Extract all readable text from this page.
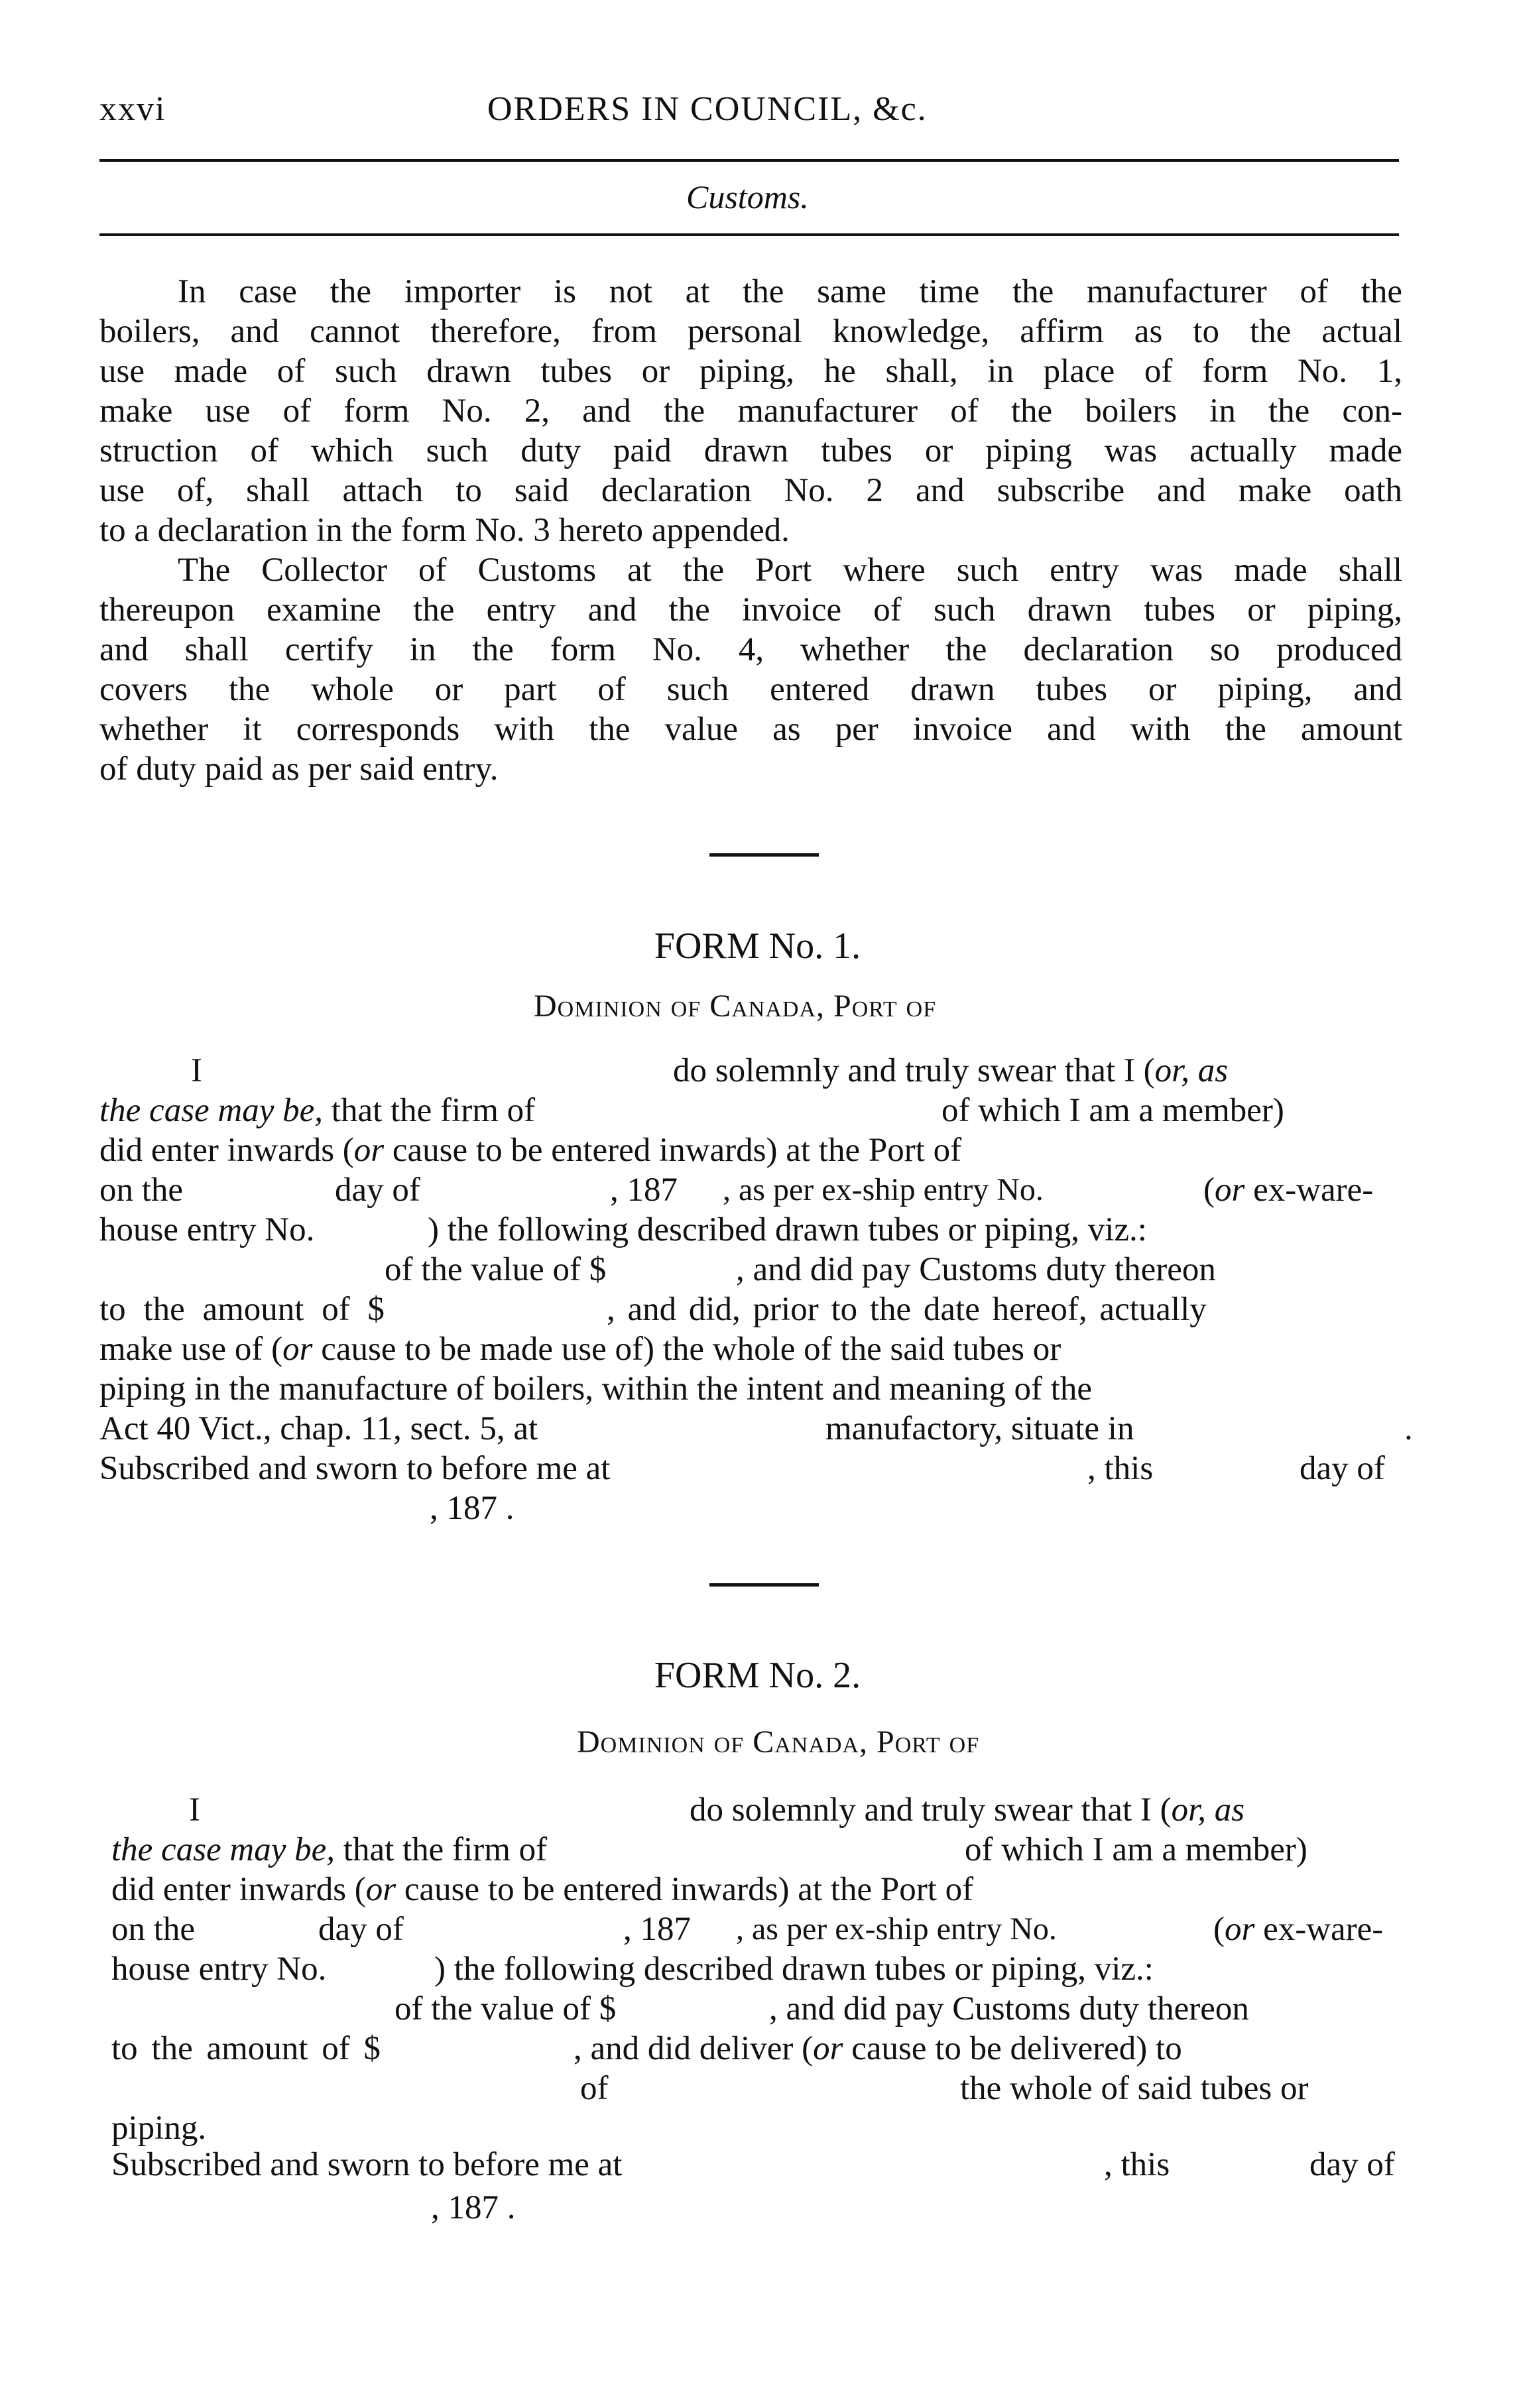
xxvi	ORDERS IN COUNCIL, &c.
Customs.
In case the importer is not at the same time the manufacturer of the
boilers, and cannot therefore, from personal knowledge, affirm as to the actual
use made of such drawn tubes or piping, he shall, in place of form No. 1,
make use of form No. 2, and the manufacturer of the boilers in the con-
struction of which such duty paid drawn tubes or piping was actually made
use of, shall attach to said declaration No. 2 and subscribe and make oath
to a declaration in the form No. 3 hereto appended.
The Collector of Customs at the Port where such entry was made shall
thereupon examine the entry and the invoice of such drawn tubes or piping,
and shall certify in the form No. 4, whether the declaration so produced
covers the whole or part of such entered drawn tubes or piping, and
whether it corresponds with the value as per invoice and with the amount
of duty paid as per said entry.
FORM No. 1.
Dominion of Canada, Port of
I	do solemnly and truly swear that I (or, as
the case may be, that the firm of	of which I am a member)
did enter inwards (or cause to be entered inwards) at the Port of
on the	day of	, 187 , as per ex-ship entry No.	(or ex-ware-
house entry No.	) the following described drawn tubes or piping, viz.:
of the value of $	, and did pay Customs duty thereon
to the amount of $	, and did, prior to the date hereof, actually
make use of (or cause to be made use of) the whole of the said tubes or
piping in the manufacture of boilers, within the intent and meaning of the
Act 40 Vict., chap. 11, sect. 5, at	manufactory, situate in	.
Subscribed and sworn to before me at	, this	day of
, 187 .
FORM No. 2.
Dominion of Canada, Port of
I	do solemnly and truly swear that I (or, as
the case may be, that the firm of	of which I am a member)
did enter inwards (or cause to be entered inwards) at the Port of
on the	day of	, 187 , as per ex-ship entry No.	(or ex-ware-
house entry No.	) the following described drawn tubes or piping, viz.:
of the value of $	, and did pay Customs duty thereon
to the amount of $	, and did deliver (or cause to be delivered) to
of	the whole of said tubes or
piping.
Subscribed and sworn to before me at	, this	day of
, 187 .
